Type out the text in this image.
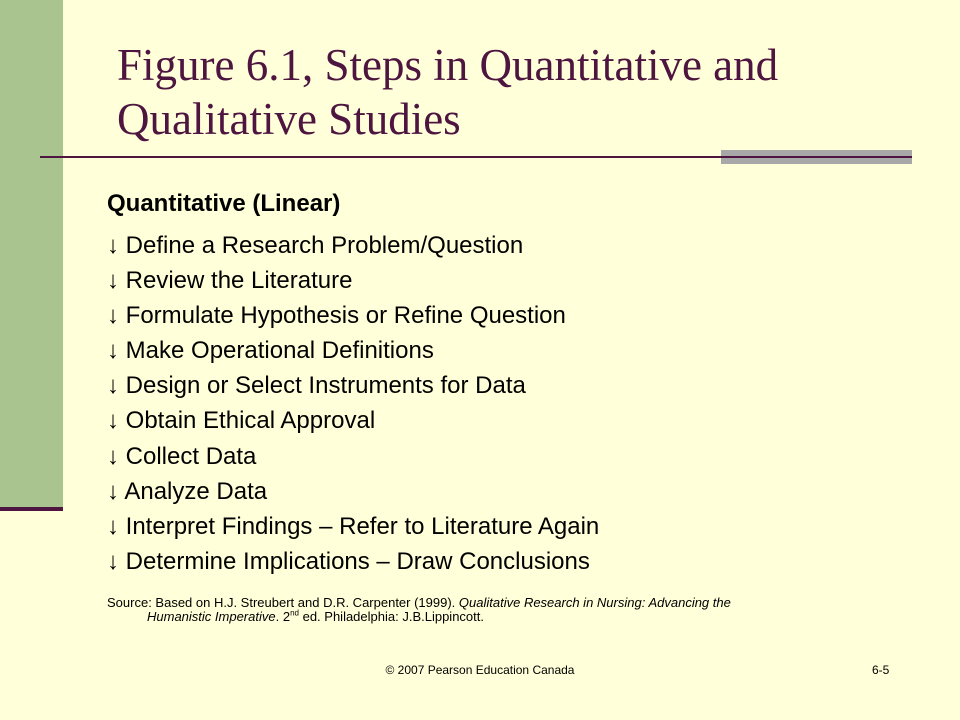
Figure 6.1, Steps in Quantitative and Qualitative Studies
Quantitative (Linear)
↓ Define a Research Problem/Question
↓ Review the Literature
↓ Formulate Hypothesis or Refine Question
↓ Make Operational Definitions
↓ Design or Select Instruments for Data
↓ Obtain Ethical Approval
↓ Collect Data
↓ Analyze Data
↓ Interpret Findings – Refer to Literature Again
↓ Determine Implications – Draw Conclusions
Source: Based on H.J. Streubert and D.R. Carpenter (1999). Qualitative Research in Nursing: Advancing the
Humanistic Imperative. 2nd ed. Philadelphia: J.B.Lippincott.
© 2007 Pearson Education Canada	6-5
